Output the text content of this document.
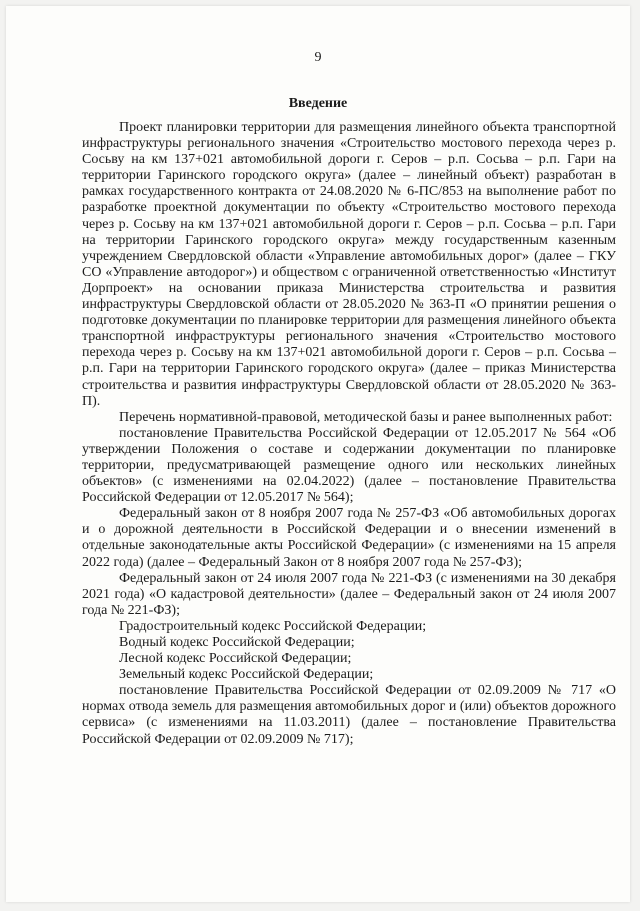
9
Введение

Проект планировки территории для размещения линейного объекта транспортной инфраструктуры регионального значения «Строительство мостового перехода через р. Сосьву на км 137+021 автомобильной дороги г. Серов – р.п. Сосьва – р.п. Гари на территории Гаринского городского округа» (далее – линейный объект) разработан в рамках государственного контракта от 24.08.2020 № 6-ПС/853 на выполнение работ по разработке проектной документации по объекту «Строительство мостового перехода через р. Сосьву на км 137+021 автомобильной дороги г. Серов – р.п. Сосьва – р.п. Гари на территории Гаринского городского округа» между государственным казенным учреждением Свердловской области «Управление автомобильных дорог» (далее – ГКУ СО «Управление автодорог») и обществом с ограниченной ответственностью «Институт Дорпроект» на основании приказа Министерства строительства и развития инфраструктуры Свердловской области от 28.05.2020 № 363-П «О принятии решения о подготовке документации по планировке территории для размещения линейного объекта транспортной инфраструктуры регионального значения «Строительство мостового перехода через р. Сосьву на км 137+021 автомобильной дороги г. Серов – р.п. Сосьва – р.п. Гари на территории Гаринского городского округа» (далее – приказ Министерства строительства и развития инфраструктуры Свердловской области от 28.05.2020 № 363-П).

Перечень нормативной-правовой, методической базы и ранее выполненных работ:

постановление Правительства Российской Федерации от 12.05.2017 № 564 «Об утверждении Положения о составе и содержании документации по планировке территории, предусматривающей размещение одного или нескольких линейных объектов» (с изменениями на 02.04.2022) (далее – постановление Правительства Российской Федерации от 12.05.2017 № 564);

Федеральный закон от 8 ноября 2007 года № 257-ФЗ «Об автомобильных дорогах и о дорожной деятельности в Российской Федерации и о внесении изменений в отдельные законодательные акты Российской Федерации» (с изменениями на 15 апреля 2022 года) (далее – Федеральный Закон от 8 ноября 2007 года № 257-ФЗ);

Федеральный закон от 24 июля 2007 года № 221-ФЗ (с изменениями на 30 декабря 2021 года) «О кадастровой деятельности» (далее – Федеральный закон от 24 июля 2007 года № 221-ФЗ);

Градостроительный кодекс Российской Федерации;

Водный кодекс Российской Федерации;

Лесной кодекс Российской Федерации;

Земельный кодекс Российской Федерации;

постановление Правительства Российской Федерации от 02.09.2009 № 717 «О нормах отвода земель для размещения автомобильных дорог и (или) объектов дорожного сервиса» (с изменениями на 11.03.2011) (далее – постановление Правительства Российской Федерации от 02.09.2009 № 717);
